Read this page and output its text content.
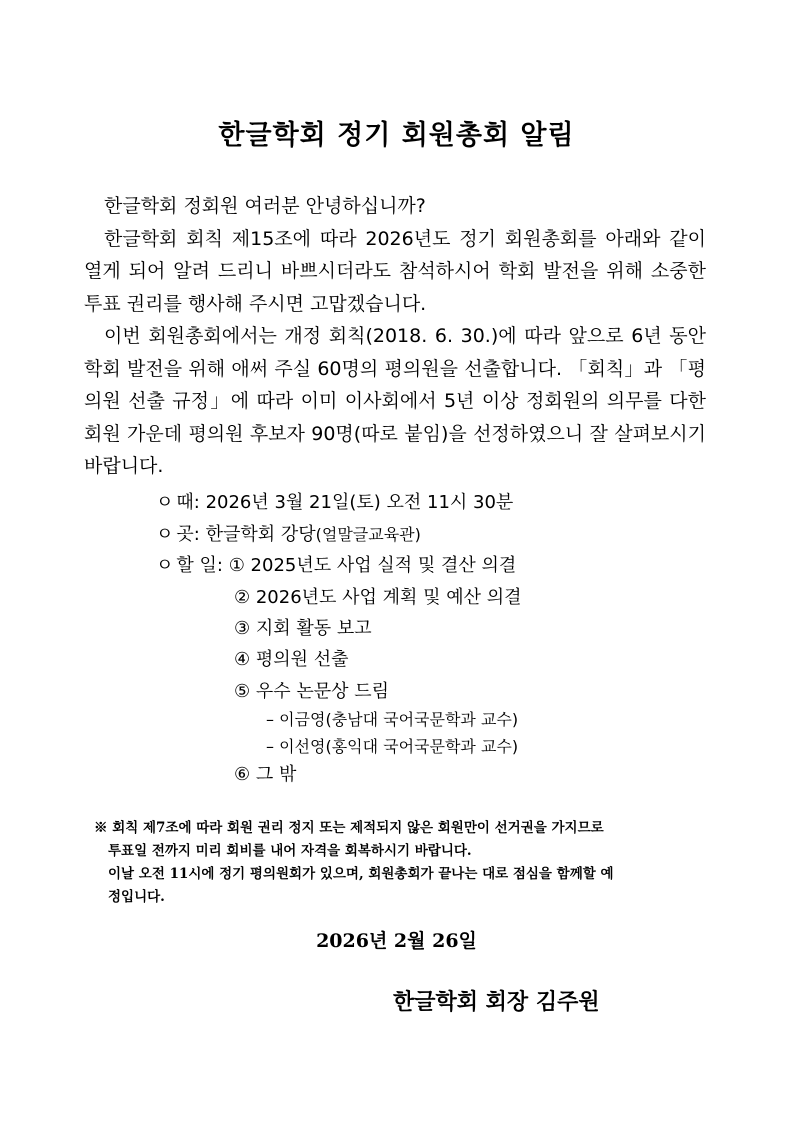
한글학회 정기 회원총회 알림

한글학회 정회원 여러분 안녕하십니까?

한글학회 회칙 제15조에 따라 2026년도 정기 회원총회를 아래와 같이 열게 되어 알려 드리니 바쁘시더라도 참석하시어 학회 발전을 위해 소중한 투표 권리를 행사해 주시면 고맙겠습니다.

이번 회원총회에서는 개정 회칙(2018. 6. 30.)에 따라 앞으로 6년 동안 학회 발전을 위해 애써 주실 60명의 평의원을 선출합니다. 「회칙」과 「평의원 선출 규정」에 따라 이미 이사회에서 5년 이상 정회원의 의무를 다한 회원 가운데 평의원 후보자 90명(따로 붙임)을 선정하였으니 잘 살펴보시기 바랍니다.

ㅇ 때: 2026년 3월 21일(토) 오전 11시 30분
ㅇ 곳: 한글학회 강당(얼말글교육관)
ㅇ 할 일: ① 2025년도 사업 실적 및 결산 의결
② 2026년도 사업 계획 및 예산 의결
③ 지회 활동 보고
④ 평의원 선출
⑤ 우수 논문상 드림
– 이금영(충남대 국어국문학과 교수)
– 이선영(홍익대 국어국문학과 교수)
⑥ 그 밖
※ 회칙 제7조에 따라 회원 권리 정지 또는 제적되지 않은 회원만이 선거권을 가지므로
투표일 전까지 미리 회비를 내어 자격을 회복하시기 바랍니다.
이날 오전 11시에 정기 평의원회가 있으며, 회원총회가 끝나는 대로 점심을 함께할 예
정입니다.
2026년 2월 26일
한글학회 회장 김주원
